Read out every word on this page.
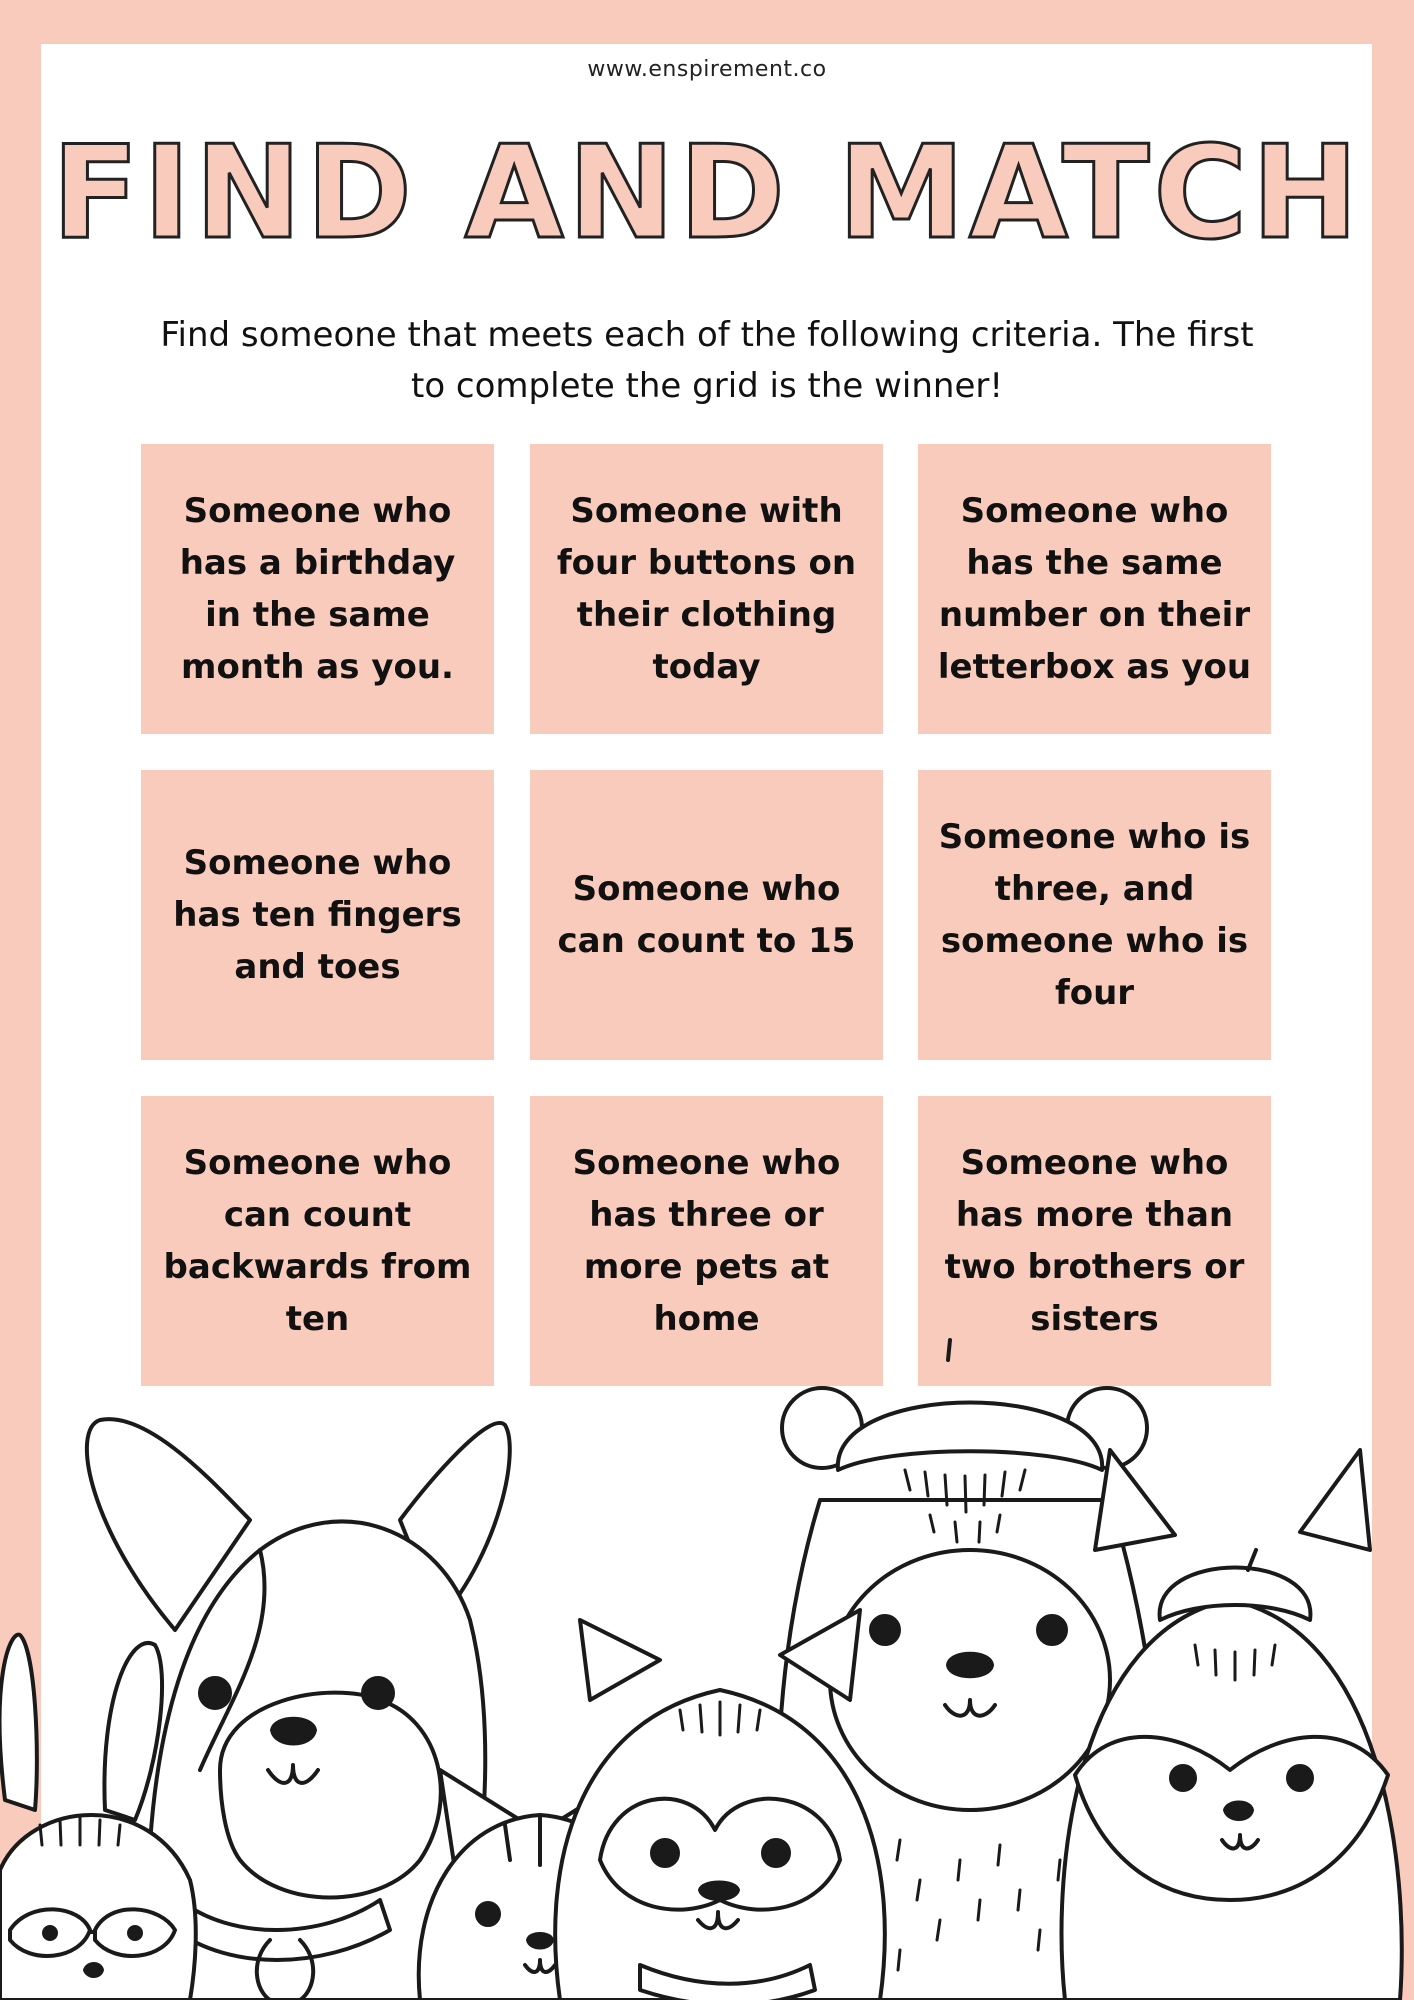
www.enspirement.co
FIND AND MATCH

Find someone that meets each of the following criteria. The first to complete the grid is the winner!

Someone who has a birthday in the same month as you.
Someone with four buttons on their clothing today
Someone who has the same number on their letterbox as you
Someone who has ten fingers and toes
Someone who can count to 15
Someone who is three, and someone who is four
Someone who can count backwards from ten
Someone who has three or more pets at home
Someone who has more than two brothers or sisters
